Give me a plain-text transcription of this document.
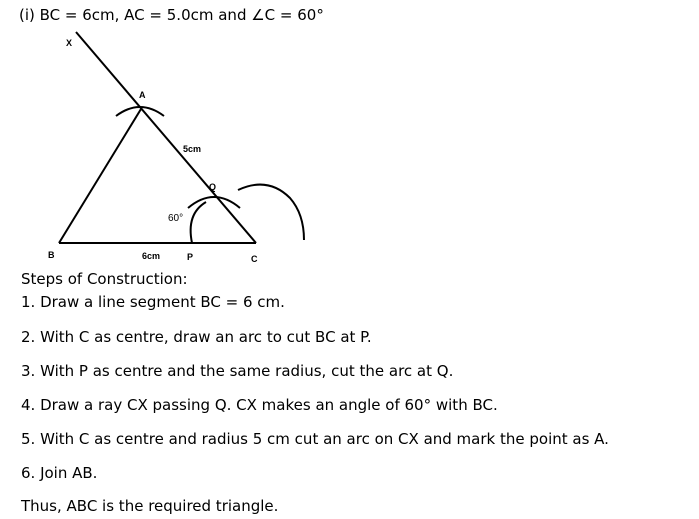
(i) BC = 6cm, AC = 5.0cm and ∠C = 60°
X
A
5cm
Q
60°
B	6cm	P	C
Steps of Construction:
1. Draw a line segment BC = 6 cm.
2. With C as centre, draw an arc to cut BC at P.
3. With P as centre and the same radius, cut the arc at Q.
4. Draw a ray CX passing Q. CX makes an angle of 60° with BC.
5. With C as centre and radius 5 cm cut an arc on CX and mark the point as A.
6. Join AB.
Thus, ABC is the required triangle.
